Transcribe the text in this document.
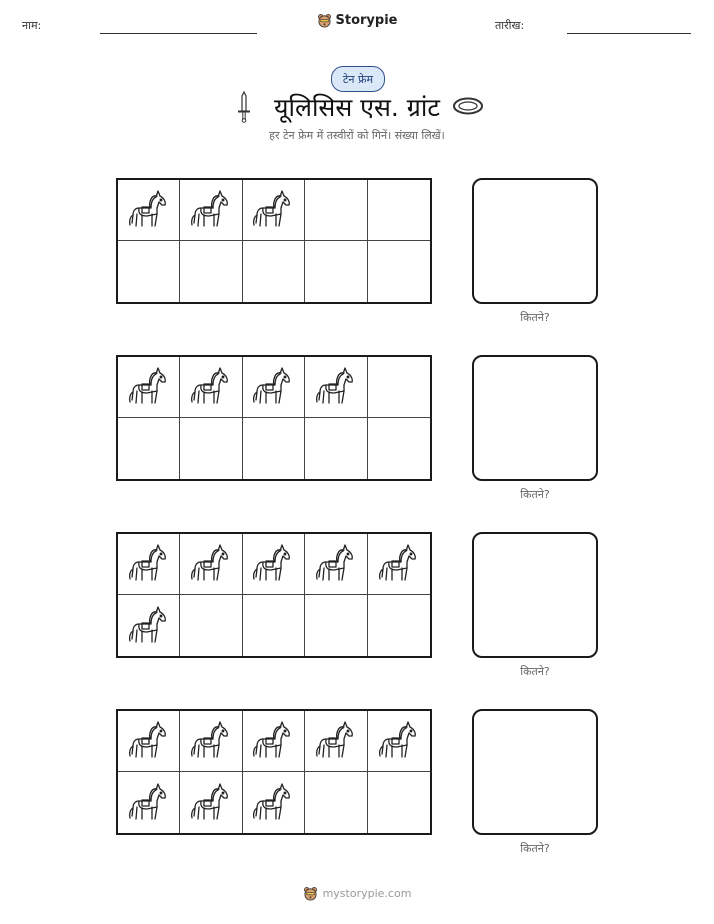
नाम:	Storypie	तारीख:
टेन फ्रेम
यूलिसिस एस. ग्रांट
हर टेन फ्रेम में तस्वीरों को गिनें। संख्या लिखें।
कितने?
कितने?
कितने?
कितने?
mystorypie.com
